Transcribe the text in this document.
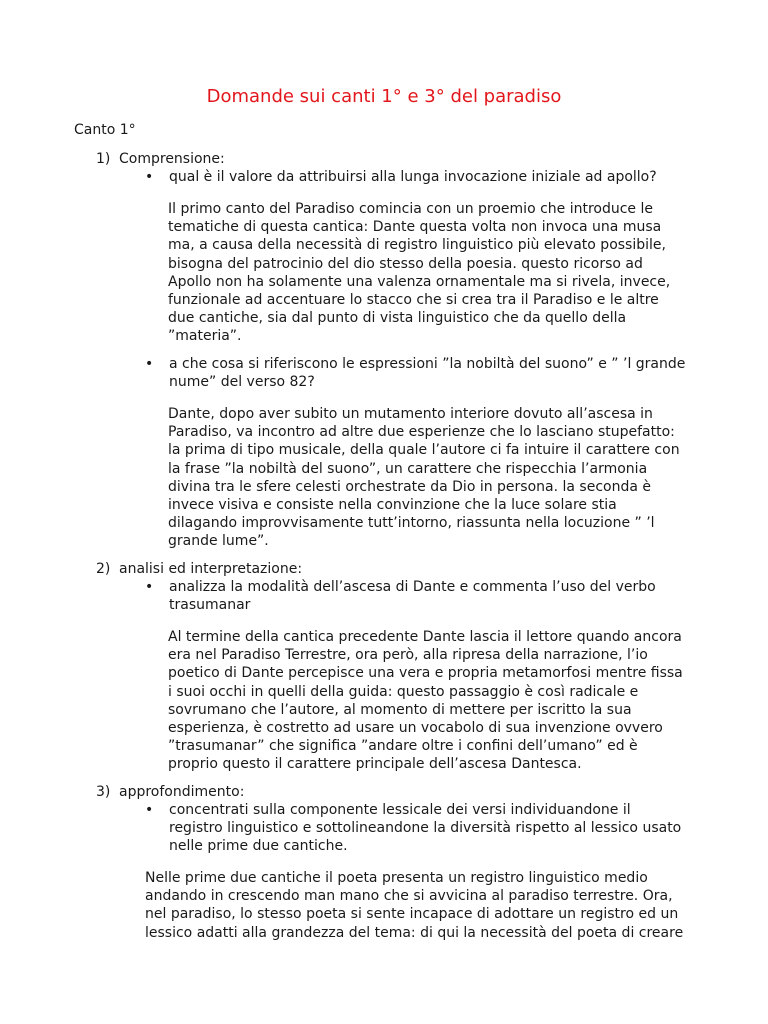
Domande sui canti 1° e 3° del paradiso
Canto 1°
1) Comprensione:
• qual è il valore da attribuirsi alla lunga invocazione iniziale ad apollo?
Il primo canto del Paradiso comincia con un proemio che introduce le
tematiche di questa cantica: Dante questa volta non invoca una musa
ma, a causa della necessità di registro linguistico più elevato possibile,
bisogna del patrocinio del dio stesso della poesia. questo ricorso ad
Apollo non ha solamente una valenza ornamentale ma si rivela, invece,
funzionale ad accentuare lo stacco che si crea tra il Paradiso e le altre
due cantiche, sia dal punto di vista linguistico che da quello della
”materia”.
• a che cosa si riferiscono le espressioni ”la nobiltà del suono” e ” ’l grande
nume” del verso 82?
Dante, dopo aver subito un mutamento interiore dovuto all’ascesa in
Paradiso, va incontro ad altre due esperienze che lo lasciano stupefatto:
la prima di tipo musicale, della quale l’autore ci fa intuire il carattere con
la frase ”la nobiltà del suono”, un carattere che rispecchia l’armonia
divina tra le sfere celesti orchestrate da Dio in persona. la seconda è
invece visiva e consiste nella convinzione che la luce solare stia
dilagando improvvisamente tutt’intorno, riassunta nella locuzione ” ’l
grande lume”.
2) analisi ed interpretazione:
• analizza la modalità dell’ascesa di Dante e commenta l’uso del verbo
trasumanar
Al termine della cantica precedente Dante lascia il lettore quando ancora
era nel Paradiso Terrestre, ora però, alla ripresa della narrazione, l’io
poetico di Dante percepisce una vera e propria metamorfosi mentre fissa
i suoi occhi in quelli della guida: questo passaggio è così radicale e
sovrumano che l’autore, al momento di mettere per iscritto la sua
esperienza, è costretto ad usare un vocabolo di sua invenzione ovvero
”trasumanar” che significa ”andare oltre i confini dell’umano” ed è
proprio questo il carattere principale dell’ascesa Dantesca.
3) approfondimento:
• concentrati sulla componente lessicale dei versi individuandone il
registro linguistico e sottolineandone la diversità rispetto al lessico usato
nelle prime due cantiche.
Nelle prime due cantiche il poeta presenta un registro linguistico medio
andando in crescendo man mano che si avvicina al paradiso terrestre. Ora,
nel paradiso, lo stesso poeta si sente incapace di adottare un registro ed un
lessico adatti alla grandezza del tema: di qui la necessità del poeta di creare
